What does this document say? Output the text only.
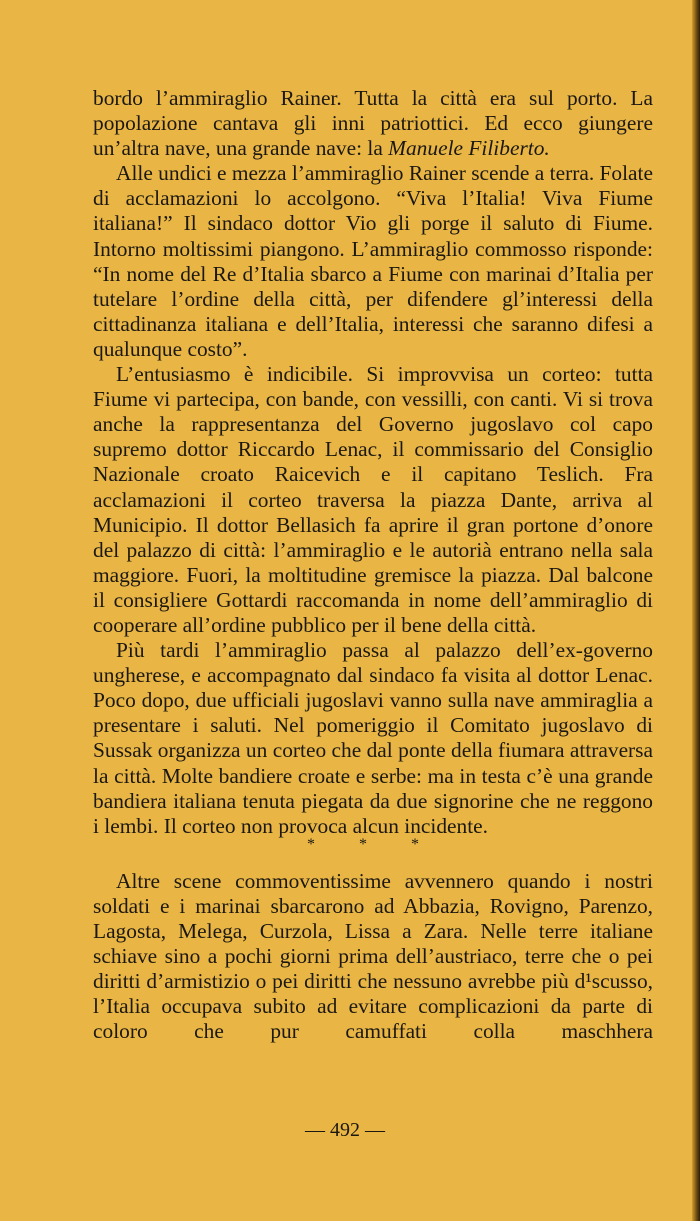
bordo l’ammiraglio Rainer. Tutta la città era sul porto. La popolazione cantava gli inni patriottici. Ed ecco giungere un’altra nave, una grande nave: la Manuele Filiberto.

Alle undici e mezza l’ammiraglio Rainer scende a terra. Folate di acclamazioni lo accolgono. “Viva l’Italia! Viva Fiume italiana!” Il sindaco dottor Vio gli porge il saluto di Fiume. Intorno moltissimi piangono. L’ammiraglio commosso risponde: “In nome del Re d’Italia sbarco a Fiume con marinai d’Italia per tutelare l’ordine della città, per difendere gl’interessi della cittadinanza italiana e dell’Italia, interessi che saranno difesi a qualunque costo”.

L’entusiasmo è indicibile. Si improvvisa un corteo: tutta Fiume vi partecipa, con bande, con vessilli, con canti. Vi si trova anche la rappresentanza del Governo jugoslavo col capo supremo dottor Riccardo Lenac, il commissario del Consiglio Nazionale croato Raicevich e il capitano Teslich. Fra acclamazioni il corteo traversa la piazza Dante, arriva al Municipio. Il dottor Bellasich fa aprire il gran portone d’onore del palazzo di città: l’ammiraglio e le autorià entrano nella sala maggiore. Fuori, la moltitudine gremisce la piazza. Dal balcone il consigliere Gottardi raccomanda in nome dell’ammiraglio di cooperare all’ordine pubblico per il bene della città.

Più tardi l’ammiraglio passa al palazzo dell’ex-governo ungherese, e accompagnato dal sindaco fa visita al dottor Lenac. Poco dopo, due ufficiali jugoslavi vanno sulla nave ammiraglia a presentare i saluti. Nel pomeriggio il Comitato jugoslavo di Sussak organizza un corteo che dal ponte della fiumara attraversa la città. Molte bandiere croate e serbe: ma in testa c’è una grande bandiera italiana tenuta piegata da due signorine che ne reggono i lembi. Il corteo non provoca alcun incidente.

* * *

Altre scene commoventissime avvennero quando i nostri soldati e i marinai sbarcarono ad Abbazia, Rovigno, Parenzo, Lagosta, Melega, Curzola, Lissa a Zara. Nelle terre italiane schiave sino a pochi giorni prima dell’austriaco, terre che o pei diritti d’armistizio o pei diritti che nessuno avrebbe più d¹scusso, l’Italia occupava subito ad evitare complicazioni da parte di coloro che pur camuffati colla maschhera

— 492 —
